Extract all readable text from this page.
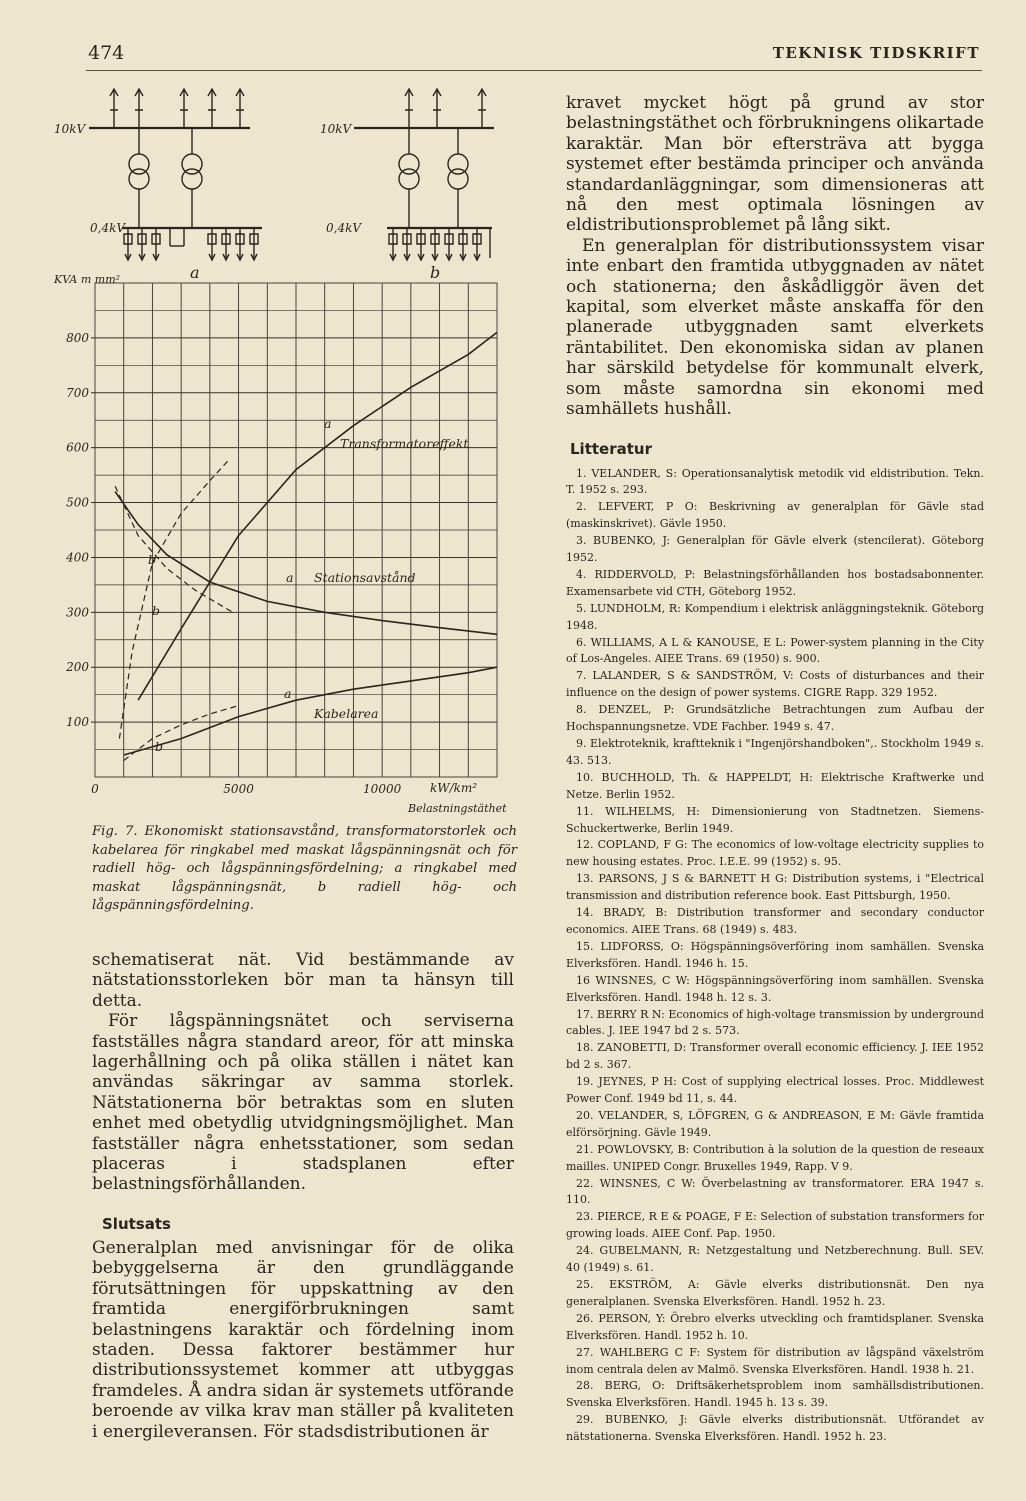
474	TEKNISK TIDSKRIFT
10kV
0,4kV
a
10kV
0,4kV
b
100
200
300
400
500
600
700
800
0	5000	10000
KVA m mm²
kW/km²
Belastningstäthet
Transformatoreffekt
Stationsavstånd
Kabelarea
a
a
a
b
b
b
Fig. 7. Ekonomiskt stationsavstånd, transformatorstorlek och kabelarea för ringkabel med maskat lågspänningsnät och för radiell hög- och lågspänningsfördelning; a ringkabel med maskat lågspänningsnät, b radiell hög- och lågspänningsfördelning.

schematiserat nät. Vid bestämmande av nätstationsstorleken bör man ta hänsyn till detta.

För lågspänningsnätet och serviserna fastställes några standard areor, för att minska lagerhållning och på olika ställen i nätet kan användas säkringar av samma storlek. Nätstationerna bör betraktas som en sluten enhet med obetydlig utvidgningsmöjlighet. Man fastställer några enhetsstationer, som sedan placeras i stadsplanen efter belastningsförhållanden.

Slutsats

Generalplan med anvisningar för de olika bebyggelserna är den grundläggande förutsättningen för uppskattning av den framtida energiförbrukningen samt belastningens karaktär och fördelning inom staden. Dessa faktorer bestämmer hur distributionssystemet kommer att utbyggas framdeles. Å andra sidan är systemets utförande beroende av vilka krav man ställer på kvaliteten i energileveransen. För stadsdistributionen är

kravet mycket högt på grund av stor belastningstäthet och förbrukningens olikartade karaktär. Man bör eftersträva att bygga systemet efter bestämda principer och använda standardanläggningar, som dimensioneras att nå den mest optimala lösningen av eldistributionsproblemet på lång sikt.

En generalplan för distributionssystem visar inte enbart den framtida utbyggnaden av nätet och stationerna; den åskådliggör även det kapital, som elverket måste anskaffa för den planerade utbyggnaden samt elverkets räntabilitet. Den ekonomiska sidan av planen har särskild betydelse för kommunalt elverk, som måste samordna sin ekonomi med samhällets hushåll.

Litteratur
1. VELANDER, S: Operationsanalytisk metodik vid eldistribution. Tekn. T. 1952 s. 293.
2. LEFVERT, P O: Beskrivning av generalplan för Gävle stad (maskinskrivet). Gävle 1950.
3. BUBENKO, J: Generalplan för Gävle elverk (stencilerat). Göteborg 1952.
4. RIDDERVOLD, P: Belastningsförhållanden hos bostadsabonnenter. Examensarbete vid CTH, Göteborg 1952.
5. LUNDHOLM, R: Kompendium i elektrisk anläggningsteknik. Göteborg 1948.
6. WILLIAMS, A L & KANOUSE, E L: Power-system planning in the City of Los-Angeles. AIEE Trans. 69 (1950) s. 900.
7. LALANDER, S & SANDSTRÖM, V: Costs of disturbances and their influence on the design of power systems. CIGRE Rapp. 329 1952.
8. DENZEL, P: Grundsätzliche Betrachtungen zum Aufbau der Hochspannungsnetze. VDE Fachber. 1949 s. 47.
9. Elektroteknik, kraftteknik i "Ingenjörshandboken",. Stockholm 1949 s. 43. 513.
10. BUCHHOLD, Th. & HAPPELDT, H: Elektrische Kraftwerke und Netze. Berlin 1952.
11. WILHELMS, H: Dimensionierung von Stadtnetzen. Siemens-Schuckertwerke, Berlin 1949.
12. COPLAND, F G: The economics of low-voltage electricity supplies to new housing estates. Proc. I.E.E. 99 (1952) s. 95.
13. PARSONS, J S & BARNETT H G: Distribution systems, i "Electrical transmission and distribution reference book. East Pittsburgh, 1950.
14. BRADY, B: Distribution transformer and secondary conductor economics. AIEE Trans. 68 (1949) s. 483.
15. LIDFORSS, O: Högspänningsöverföring inom samhällen. Svenska Elverksfören. Handl. 1946 h. 15.
16 WINSNES, C W: Högspänningsöverföring inom samhällen. Svenska Elverksfören. Handl. 1948 h. 12 s. 3.
17. BERRY R N: Economics of high-voltage transmission by underground cables. J. IEE 1947 bd 2 s. 573.
18. ZANOBETTI, D: Transformer overall economic efficiency. J. IEE 1952 bd 2 s. 367.
19. JEYNES, P H: Cost of supplying electrical losses. Proc. Middlewest Power Conf. 1949 bd 11, s. 44.
20. VELANDER, S, LÖFGREN, G & ANDREASON, E M: Gävle framtida elförsörjning. Gävle 1949.
21. POWLOVSKY, B: Contribution à la solution de la question de reseaux mailles. UNIPED Congr. Bruxelles 1949, Rapp. V 9.
22. WINSNES, C W: Överbelastning av transformatorer. ERA 1947 s. 110.
23. PIERCE, R E & POAGE, F E: Selection of substation transformers for growing loads. AIEE Conf. Pap. 1950.
24. GUBELMANN, R: Netzgestaltung und Netzberechnung. Bull. SEV. 40 (1949) s. 61.
25. EKSTRÖM, A: Gävle elverks distributionsnät. Den nya generalplanen. Svenska Elverksfören. Handl. 1952 h. 23.
26. PERSON, Y: Örebro elverks utveckling och framtidsplaner. Svenska Elverksfören. Handl. 1952 h. 10.
27. WAHLBERG C F: System för distribution av lågspänd växelström inom centrala delen av Malmö. Svenska Elverksfören. Handl. 1938 h. 21.
28. BERG, O: Driftsäkerhetsproblem inom samhällsdistributionen. Svenska Elverksfören. Handl. 1945 h. 13 s. 39.
29. BUBENKO, J: Gävle elverks distributionsnät. Utförandet av nätstationerna. Svenska Elverksfören. Handl. 1952 h. 23.
